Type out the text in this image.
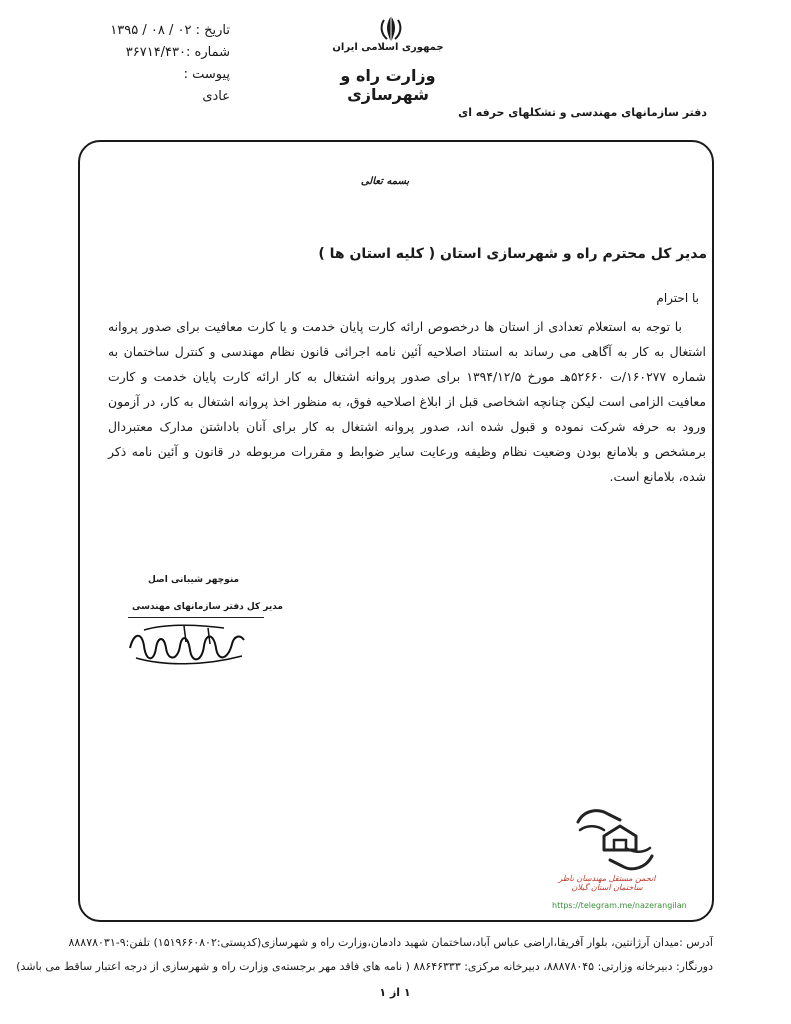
تاریخ : ۰۲ / ۰۸ / ۱۳۹۵
شماره :۳۶۷۱۴/۴۳۰
پیوست :
عادی
جمهوری اسلامی ایران
وزارت راه و شهرسازی
دفتر سازمانهای مهندسی و تشکلهای حرفه ای
بسمه تعالی
مدیر کل محترم راه و شهرسازی استان ( کلیه استان ها )
با احترام
با توجه به استعلام تعدادی از استان ها درخصوص ارائه کارت پایان خدمت و یا کارت معافیت برای صدور پروانه اشتغال به کار به آگاهی می رساند به استناد اصلاحیه آئین نامه اجرائی قانون نظام مهندسی و کنترل ساختمان به شماره ۱۶۰۲۷۷/ت ۵۲۶۶۰هـ مورخ ۱۳۹۴/۱۲/۵ برای صدور پروانه اشتغال به کار ارائه کارت پایان خدمت و کارت معافیت الزامی است لیکن چنانچه اشخاصی قبل از ابلاغ اصلاحیه فوق، به منظور اخذ پروانه اشتغال به کار، در آزمون ورود به حرفه شرکت نموده و قبول شده اند، صدور پروانه اشتغال به کار برای آنان باداشتن مدارک معتبردال برمشخص و بلامانع بودن وضعیت نظام وظیفه ورعایت سایر ضوابط و مقررات مربوطه در قانون و آئین نامه ذکر شده، بلامانع است.
منوچهر شیبانی اصل
مدیر کل دفتر سازمانهای مهندسی
انجمن مستقل مهندسان ناظر ساختمان استان گیلان
https://telegram.me/nazerangilan
آدرس :میدان آرژانتین، بلوار آفریقا،اراضی عباس آباد،ساختمان شهید دادمان،وزارت راه و شهرسازی(کدپستی:۱۵۱۹۶۶۰۸۰۲) تلفن:۹-۸۸۸۷۸۰۳۱
دورنگار: دبیرخانه وزارتی: ۸۸۸۷۸۰۴۵، دبیرخانه مرکزی: ۸۸۶۴۶۳۳۳ ( نامه های فاقد مهر برجسته‌ی وزارت راه و شهرسازی از درجه اعتبار ساقط می باشد)
۱ از ۱
